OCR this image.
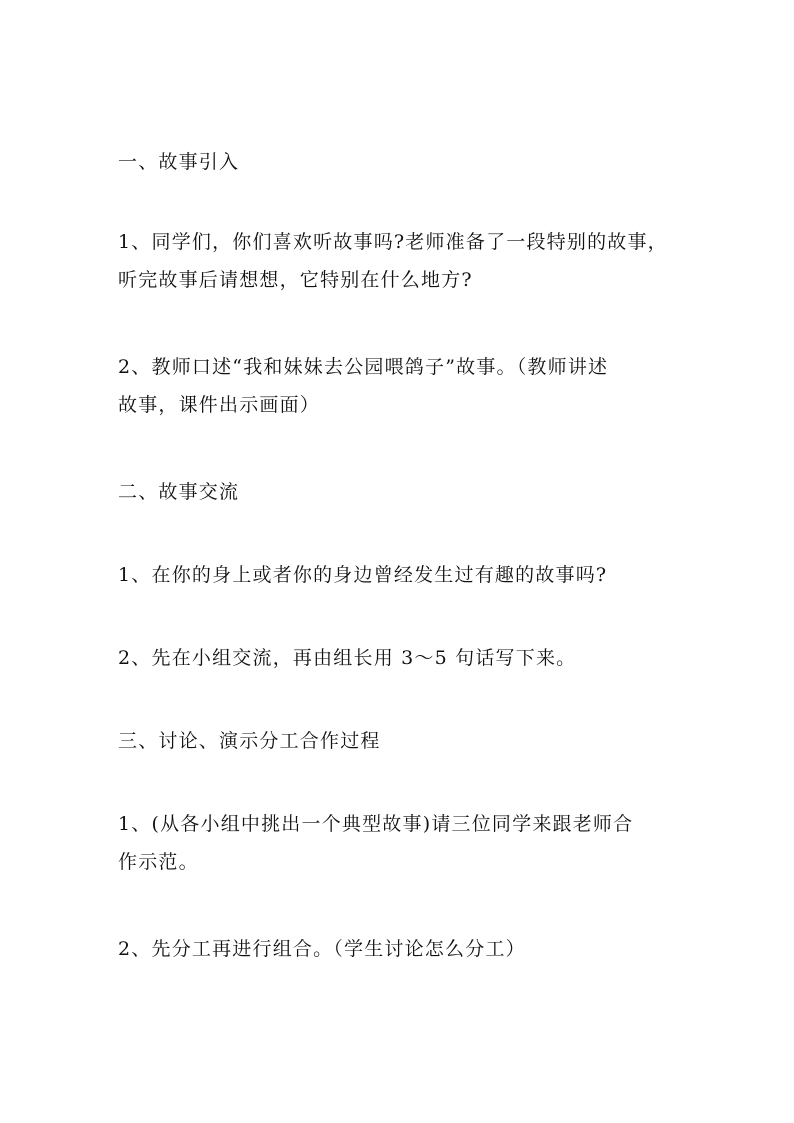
一、故事引入
1、同学们，你们喜欢听故事吗?老师准备了一段特别的故事，
听完故事后请想想，它特别在什么地方?
2、教师口述“我和妹妹去公园喂鸽子”故事。（教师讲述
故事，课件出示画面）
二、故事交流
1、在你的身上或者你的身边曾经发生过有趣的故事吗?
2、先在小组交流，再由组长用 3～5 句话写下来。
三、讨论、演示分工合作过程
1、(从各小组中挑出一个典型故事)请三位同学来跟老师合
作示范。
2、先分工再进行组合。（学生讨论怎么分工）
